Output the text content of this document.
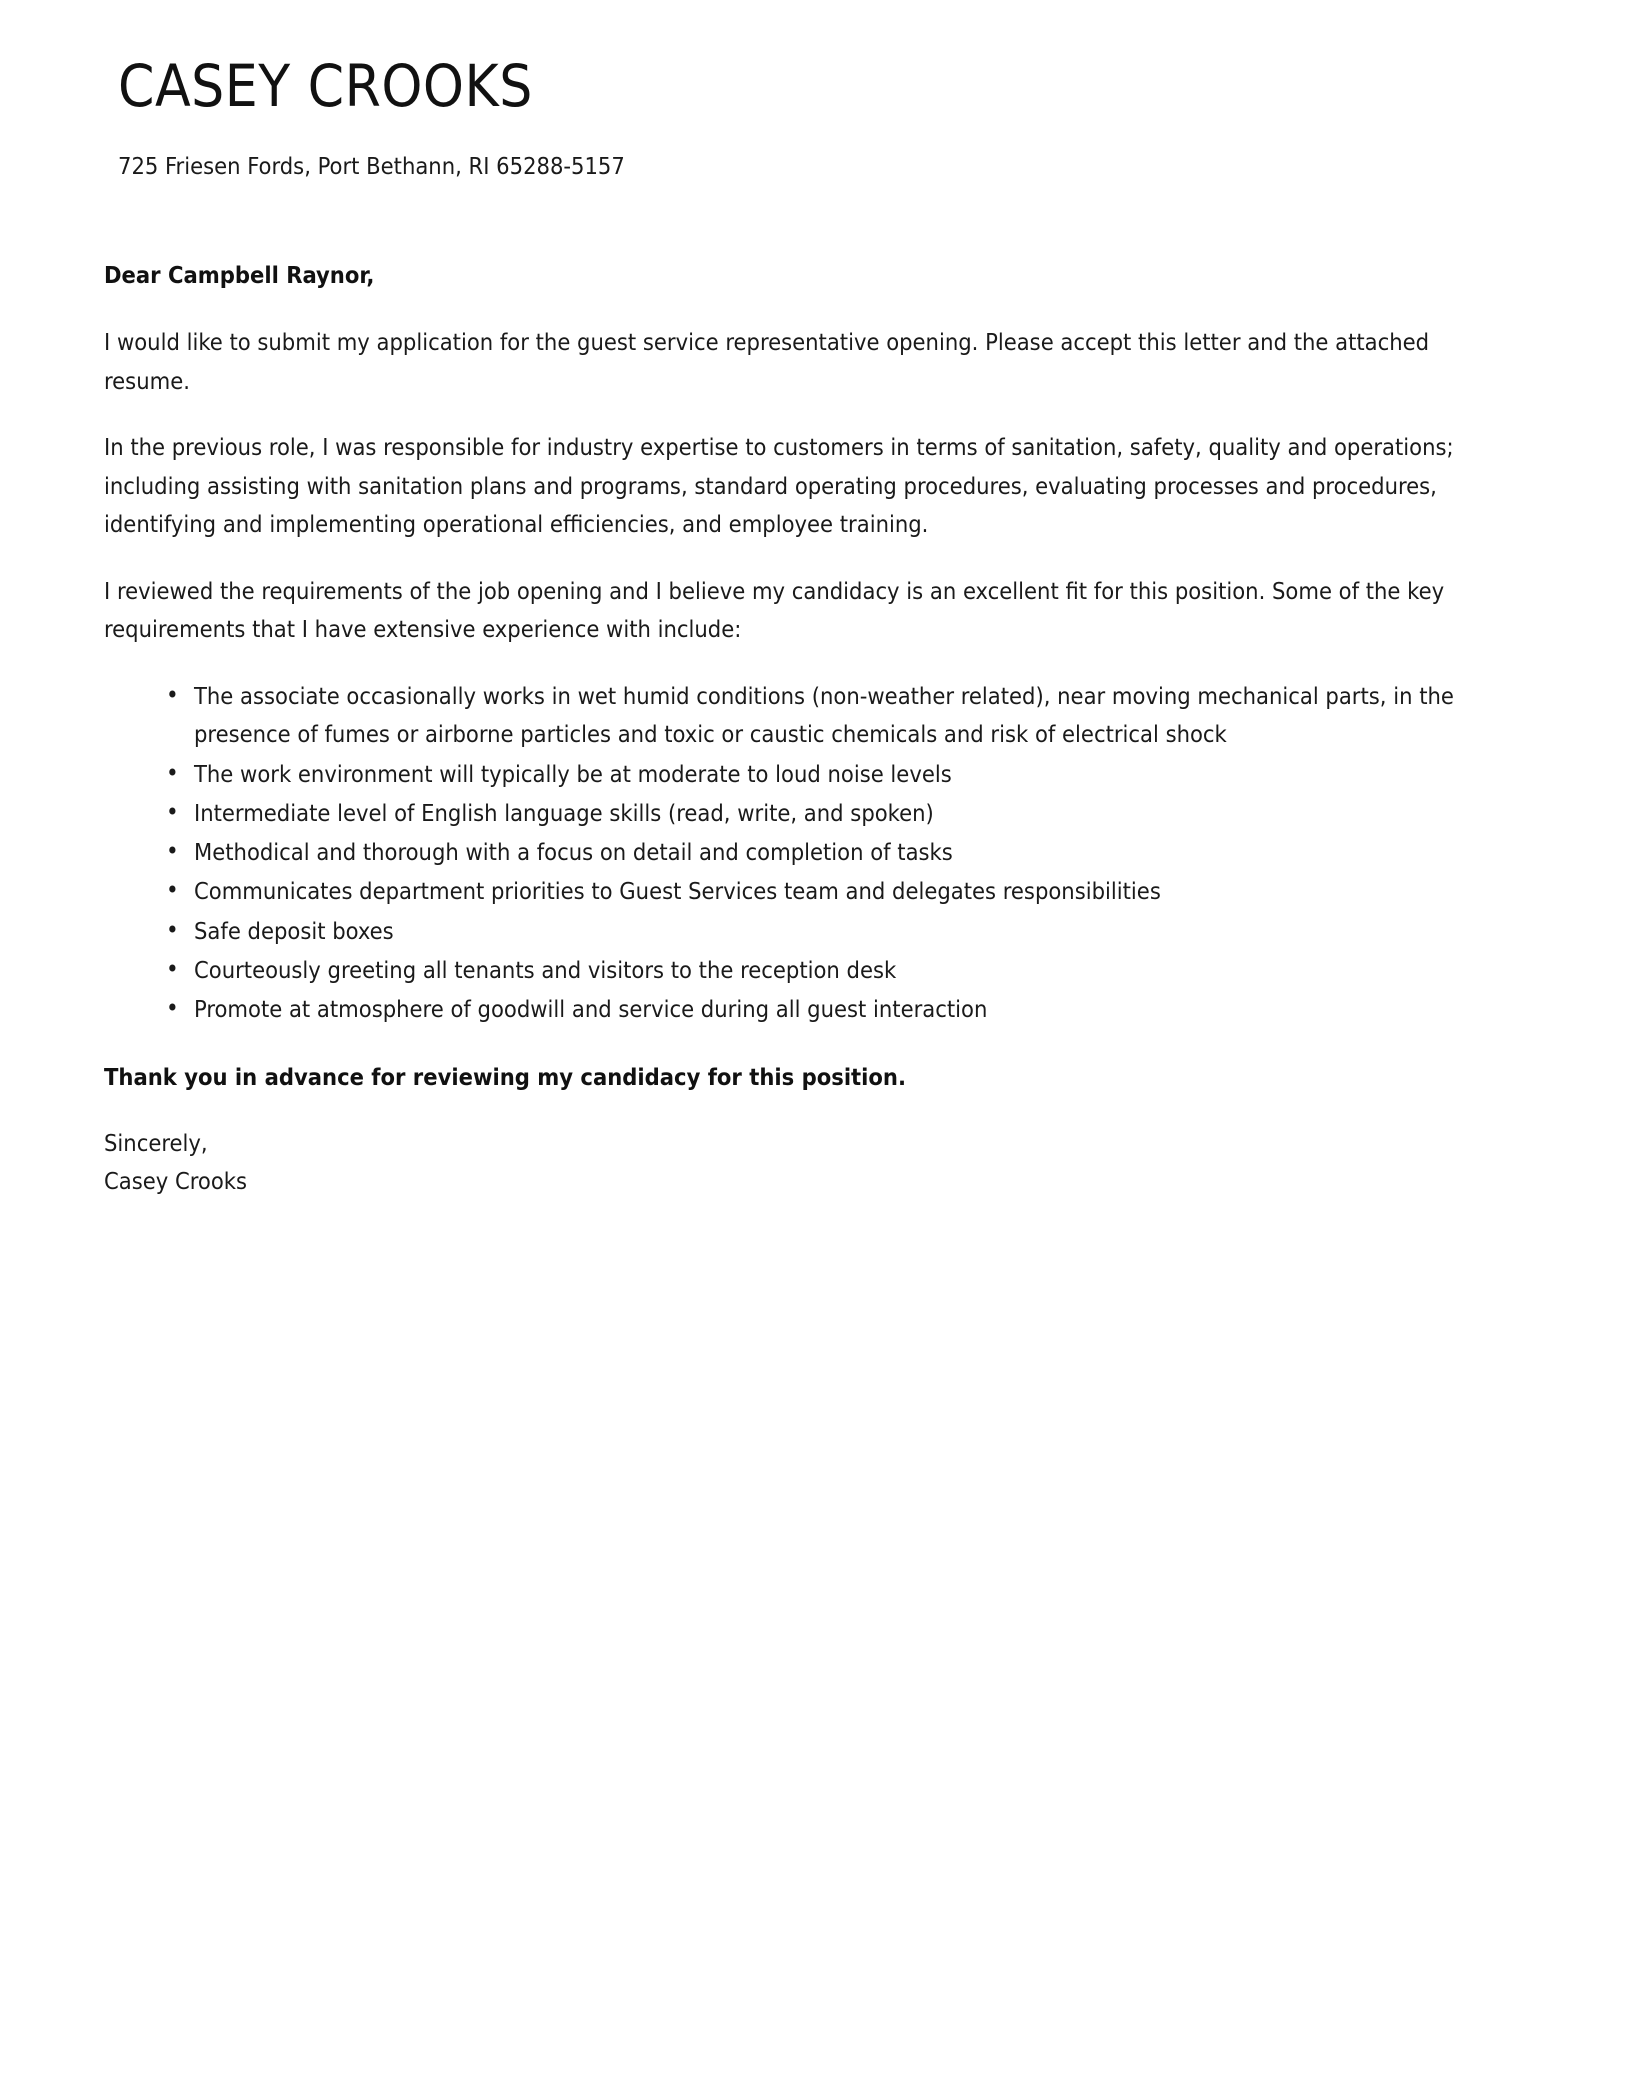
CASEY CROOKS
725 Friesen Fords, Port Bethann, RI 65288-5157

Dear Campbell Raynor,

I would like to submit my application for the guest service representative opening. Please accept this letter and the attached resume.

In the previous role, I was responsible for industry expertise to customers in terms of sanitation, safety, quality and operations; including assisting with sanitation plans and programs, standard operating procedures, evaluating processes and procedures, identifying and implementing operational efficiencies, and employee training.

I reviewed the requirements of the job opening and I believe my candidacy is an excellent fit for this position. Some of the key requirements that I have extensive experience with include:

• The associate occasionally works in wet humid conditions (non-weather related), near moving mechanical parts, in the presence of fumes or airborne particles and toxic or caustic chemicals and risk of electrical shock
• The work environment will typically be at moderate to loud noise levels
• Intermediate level of English language skills (read, write, and spoken)
• Methodical and thorough with a focus on detail and completion of tasks
• Communicates department priorities to Guest Services team and delegates responsibilities
• Safe deposit boxes
• Courteously greeting all tenants and visitors to the reception desk
• Promote at atmosphere of goodwill and service during all guest interaction

Thank you in advance for reviewing my candidacy for this position.

Sincerely,
Casey Crooks
